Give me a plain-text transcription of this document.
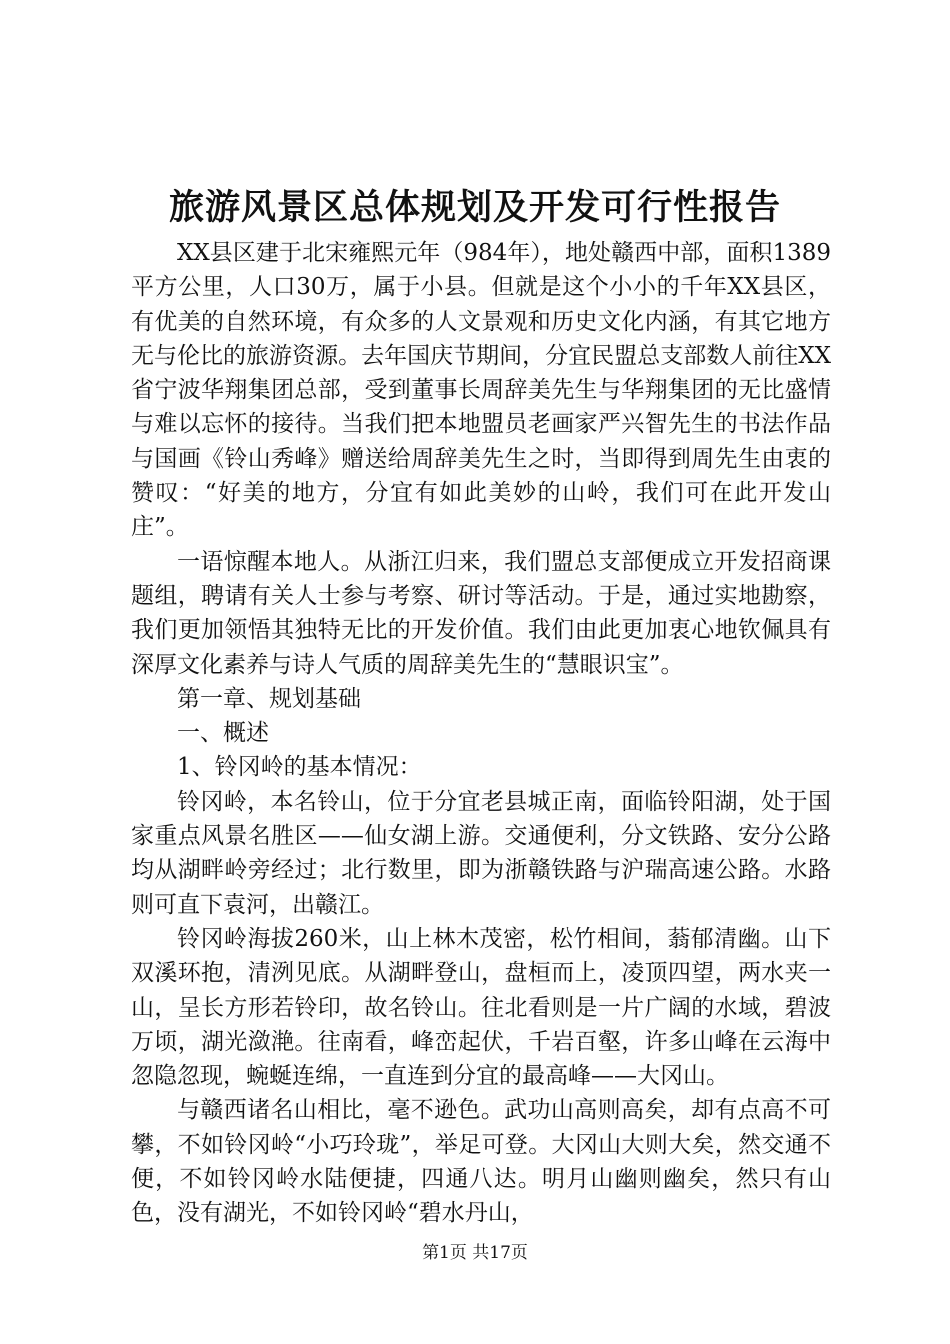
旅游风景区总体规划及开发可行性报告

XX县区建于北宋雍熙元年（984年），地处赣西中部，面积1389平方公里，人口30万，属于小县。但就是这个小小的千年XX县区，有优美的自然环境，有众多的人文景观和历史文化内涵，有其它地方无与伦比的旅游资源。去年国庆节期间，分宜民盟总支部数人前往XX省宁波华翔集团总部，受到董事长周辞美先生与华翔集团的无比盛情与难以忘怀的接待。当我们把本地盟员老画家严兴智先生的书法作品与国画《铃山秀峰》赠送给周辞美先生之时，当即得到周先生由衷的赞叹：“好美的地方，分宜有如此美妙的山岭，我们可在此开发山庄”。

一语惊醒本地人。从浙江归来，我们盟总支部便成立开发招商课题组，聘请有关人士参与考察、研讨等活动。于是，通过实地勘察，我们更加领悟其独特无比的开发价值。我们由此更加衷心地钦佩具有深厚文化素养与诗人气质的周辞美先生的“慧眼识宝”。

第一章、规划基础

一、概述

1、铃冈岭的基本情况：

铃冈岭，本名铃山，位于分宜老县城正南，面临铃阳湖，处于国家重点风景名胜区——仙女湖上游。交通便利，分文铁路、安分公路均从湖畔岭旁经过；北行数里，即为浙赣铁路与沪瑞高速公路。水路则可直下袁河，出赣江。

铃冈岭海拔260米，山上林木茂密，松竹相间，蓊郁清幽。山下双溪环抱，清洌见底。从湖畔登山，盘桓而上，凌顶四望，两水夹一山，呈长方形若铃印，故名铃山。往北看则是一片广阔的水域，碧波万顷，湖光潋滟。往南看，峰峦起伏，千岩百壑，许多山峰在云海中忽隐忽现，蜿蜒连绵，一直连到分宜的最高峰——大冈山。

与赣西诸名山相比，毫不逊色。武功山高则高矣，却有点高不可攀，不如铃冈岭“小巧玲珑”，举足可登。大冈山大则大矣，然交通不便，不如铃冈岭水陆便捷，四通八达。明月山幽则幽矣，然只有山色，没有湖光，不如铃冈岭“碧水丹山，

第1页 共17页
